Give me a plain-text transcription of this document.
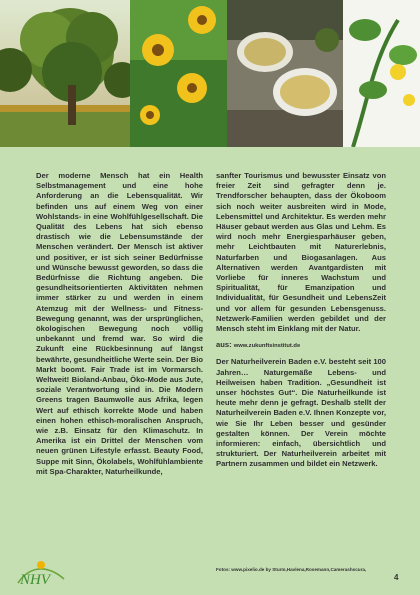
Der moderne Mensch hat ein Health Selbstmanagement und eine hohe Anforderung an die Lebensqualität. Wir befinden uns auf einem Weg von einer Wohlstands- in eine Wohlfühlgesellschaft. Die Qualität des Lebens hat sich ebenso drastisch wie die Lebensumstände der Menschen verändert. Der Mensch ist aktiver und positiver, er ist sich seiner Bedürfnisse und Wünsche bewusst geworden, so dass die Bedürfnisse die Richtung angeben. Die gesundheitsorientierten Aktivitäten nehmen immer stärker zu und werden in einem Atemzug mit der Wellness- und Fitness-Bewegung genannt, was der ursprünglichen, ökologischen Bewegung noch völlig unbekannt und fremd war. So wird die Zukunft eine Rückbesinnung auf längst bewährte, gesundheitliche Werte sein. Der Bio Markt boomt. Fair Trade ist im Vormarsch. Weltweit! Bioland-Anbau, Öko-Mode aus Jute, soziale Verantwortung sind in. Die Modern Greens tragen Baumwolle aus Afrika, legen Wert auf ethisch korrekte Mode und haben einen hohen ethisch-moralischen Anspruch, wie z.B. Einsatz für den Klimaschutz. In Amerika ist ein Drittel der Menschen vom neuen grünen Lifestyle erfasst. Beauty Food, Suppe mit Sinn, Ökolabels, Wohlfühlambiente mit Spa-Charakter, Naturheilkunde,

sanfter Tourismus und bewusster Einsatz von freier Zeit sind gefragter denn je. Trendforscher behaupten, dass der Ökoboom sich noch weiter ausbreiten wird in Mode, Lebensmittel und Architektur. Es werden mehr Häuser gebaut werden aus Glas und Lehm. Es wird noch mehr Energiesparhäuser geben, mehr Leichtbauten mit Naturerlebnis, Naturfarben und Biogasanlagen. Aus Alternativen werden Avantgardisten mit Vorliebe für inneres Wachstum und Spiritualität, für Emanzipation und Individualität, für Gesundheit und LebensZeit und vor allem für gesunden Lebensgenuss. Netzwerk-Familien werden gebildet und der Mensch steht im Einklang mit der Natur.

aus: www.zukunftsinstitut.de

Der Naturheilverein Baden e.V. besteht seit 100 Jahren… Naturgemäße Lebens- und Heilweisen haben Tradition. „Gesundheit ist unser höchstes Gut“. Die Naturheilkunde ist heute mehr denn je gefragt. Deshalb stellt der Naturheilverein Baden e.V. Ihnen Konzepte vor, wie Sie Ihr Leben besser und gesünder gestalten können. Der Verein möchte informieren: einfach, übersichtlich und strukturiert. Der Naturheilverein arbeitet mit Partnern zusammen und bildet ein Netzwerk.

NHV
Fotos: www.pixelio.de by Sturm,Havlena,Rosemann,Camerashscura,
4
